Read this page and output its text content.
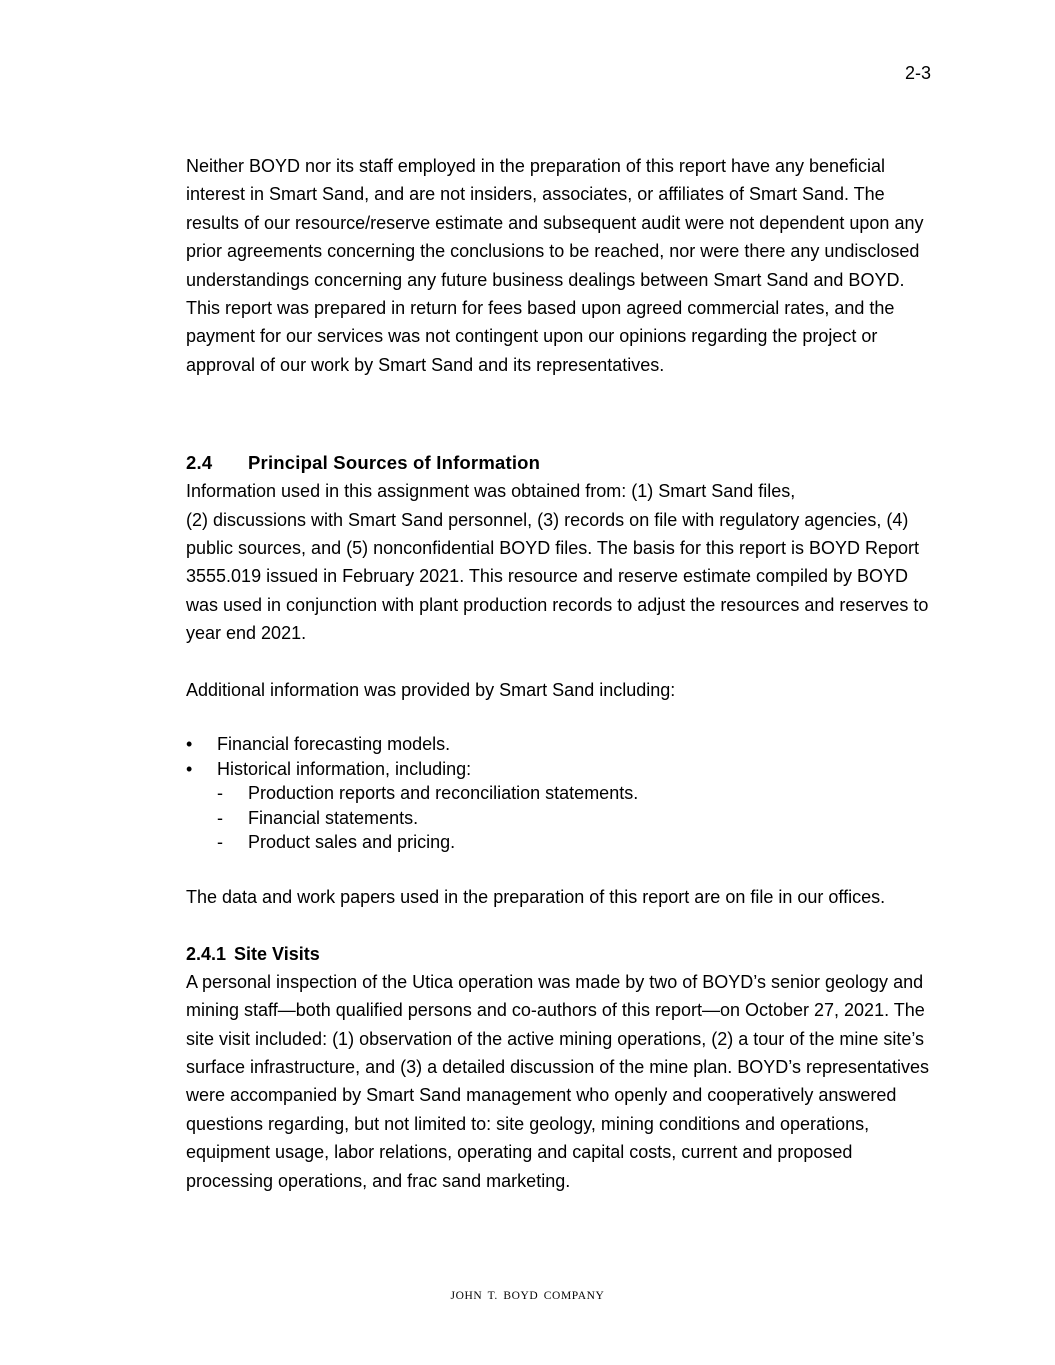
2-3

Neither BOYD nor its staff employed in the preparation of this report have any beneficial interest in Smart Sand, and are not insiders, associates, or affiliates of Smart Sand. The results of our resource/reserve estimate and subsequent audit were not dependent upon any prior agreements concerning the conclusions to be reached, nor were there any undisclosed understandings concerning any future business dealings between Smart Sand and BOYD. This report was prepared in return for fees based upon agreed commercial rates, and the payment for our services was not contingent upon our opinions regarding the project or approval of our work by Smart Sand and its representatives.

2.4 Principal Sources of Information

Information used in this assignment was obtained from: (1) Smart Sand files,
(2) discussions with Smart Sand personnel, (3) records on file with regulatory agencies, (4) public sources, and (5) nonconfidential BOYD files. The basis for this report is BOYD Report 3555.019 issued in February 2021. This resource and reserve estimate compiled by BOYD was used in conjunction with plant production records to adjust the resources and reserves to year end 2021.

Additional information was provided by Smart Sand including:

• Financial forecasting models.
• Historical information, including:
- Production reports and reconciliation statements.
- Financial statements.
- Product sales and pricing.

The data and work papers used in the preparation of this report are on file in our offices.

2.4.1 Site Visits

A personal inspection of the Utica operation was made by two of BOYD’s senior geology and mining staff—both qualified persons and co-authors of this report—on October 27, 2021. The site visit included: (1) observation of the active mining operations, (2) a tour of the mine site’s surface infrastructure, and (3) a detailed discussion of the mine plan. BOYD’s representatives were accompanied by Smart Sand management who openly and cooperatively answered questions regarding, but not limited to: site geology, mining conditions and operations, equipment usage, labor relations, operating and capital costs, current and proposed processing operations, and frac sand marketing.

JOHN T. BOYD COMPANY
